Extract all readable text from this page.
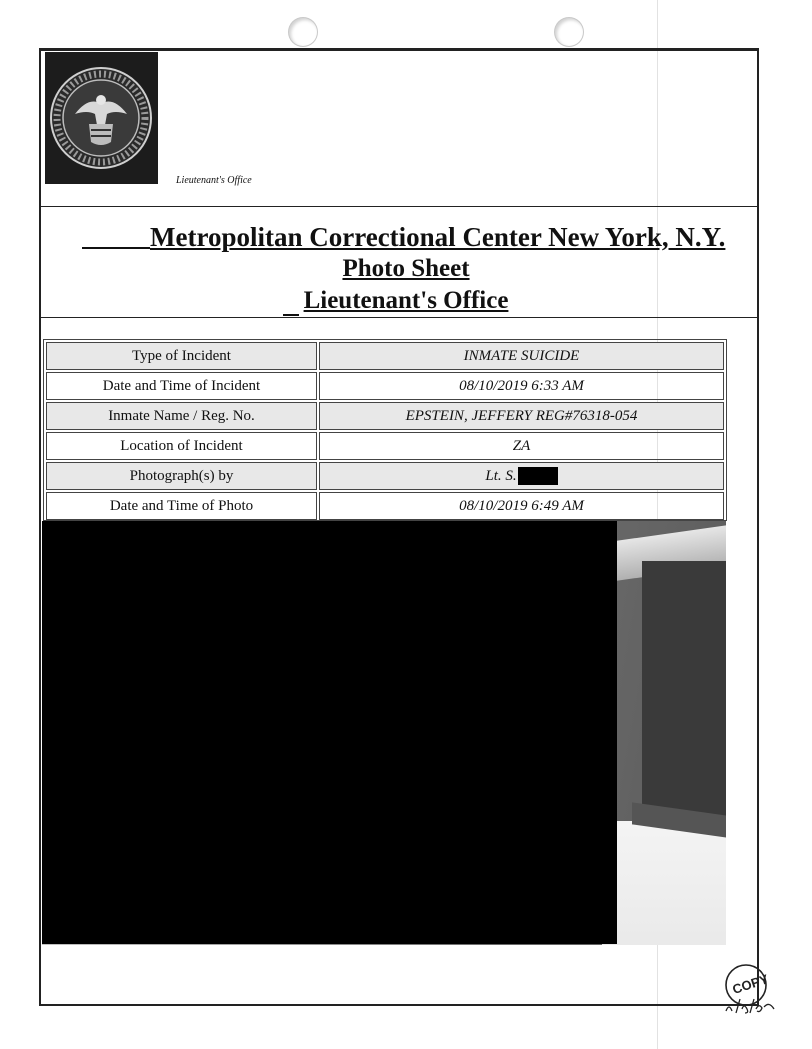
Lieutenant's Office
Metropolitan Correctional Center New York, N.Y.
Photo Sheet
Lieutenant's Office
Type of Incident	INMATE SUICIDE
Date and Time of Incident	08/10/2019 6:33 AM
Inmate Name / Reg. No.	EPSTEIN, JEFFERY REG#76318-054
Location of Incident	ZA
Photograph(s) by	Lt. S.
Date and Time of Photo	08/10/2019 6:49 AM
COPY
